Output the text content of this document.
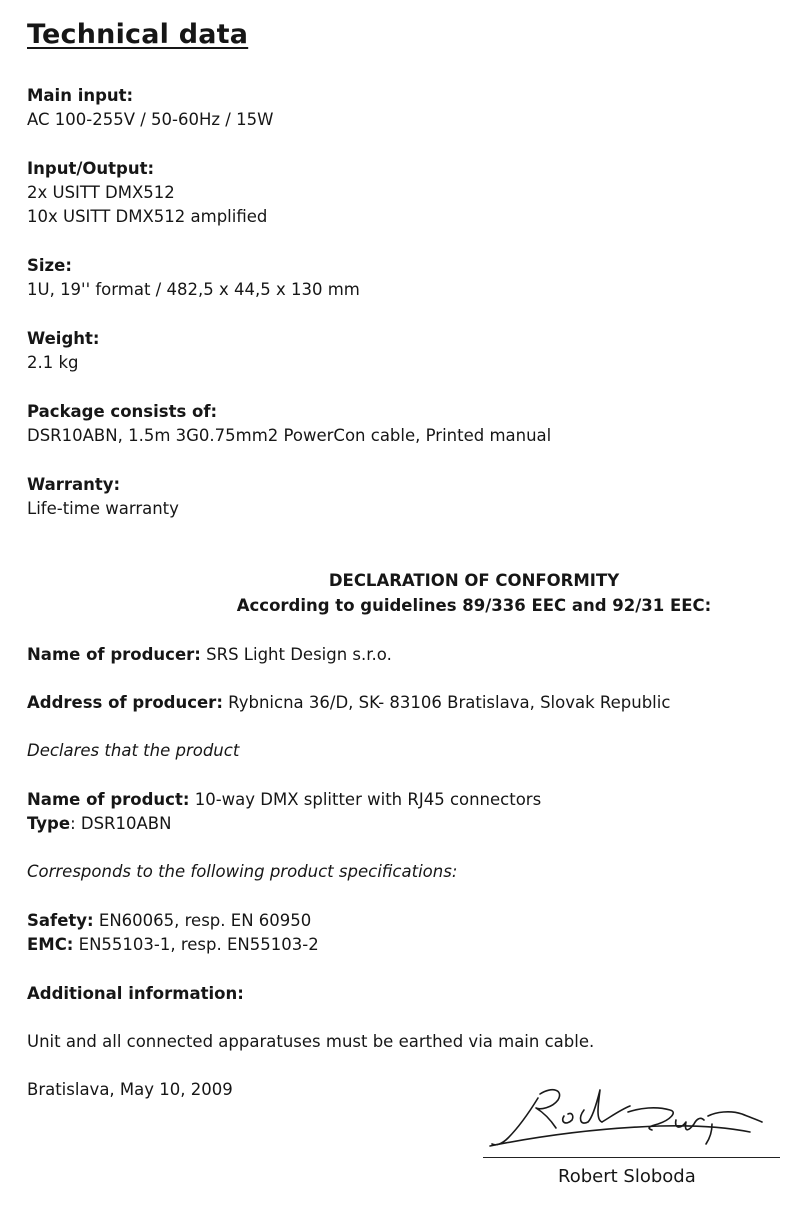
Technical data
Main input:
AC 100-255V / 50-60Hz / 15W
Input/Output:
2x USITT DMX512
10x USITT DMX512 amplified
Size:
1U, 19'' format / 482,5 x 44,5 x 130 mm
Weight:
2.1 kg
Package consists of:
DSR10ABN, 1.5m 3G0.75mm2 PowerCon cable, Printed manual
Warranty:
Life-time warranty
DECLARATION OF CONFORMITY
According to guidelines 89/336 EEC and 92/31 EEC:
Name of producer: SRS Light Design s.r.o.
Address of producer: Rybnicna 36/D, SK- 83106 Bratislava, Slovak Republic
Declares that the product
Name of product: 10-way DMX splitter with RJ45 connectors
Type: DSR10ABN
Corresponds to the following product specifications:
Safety: EN60065, resp. EN 60950
EMC: EN55103-1, resp. EN55103-2
Additional information:
Unit and all connected apparatuses must be earthed via main cable.
Bratislava, May 10, 2009
Robert Sloboda
